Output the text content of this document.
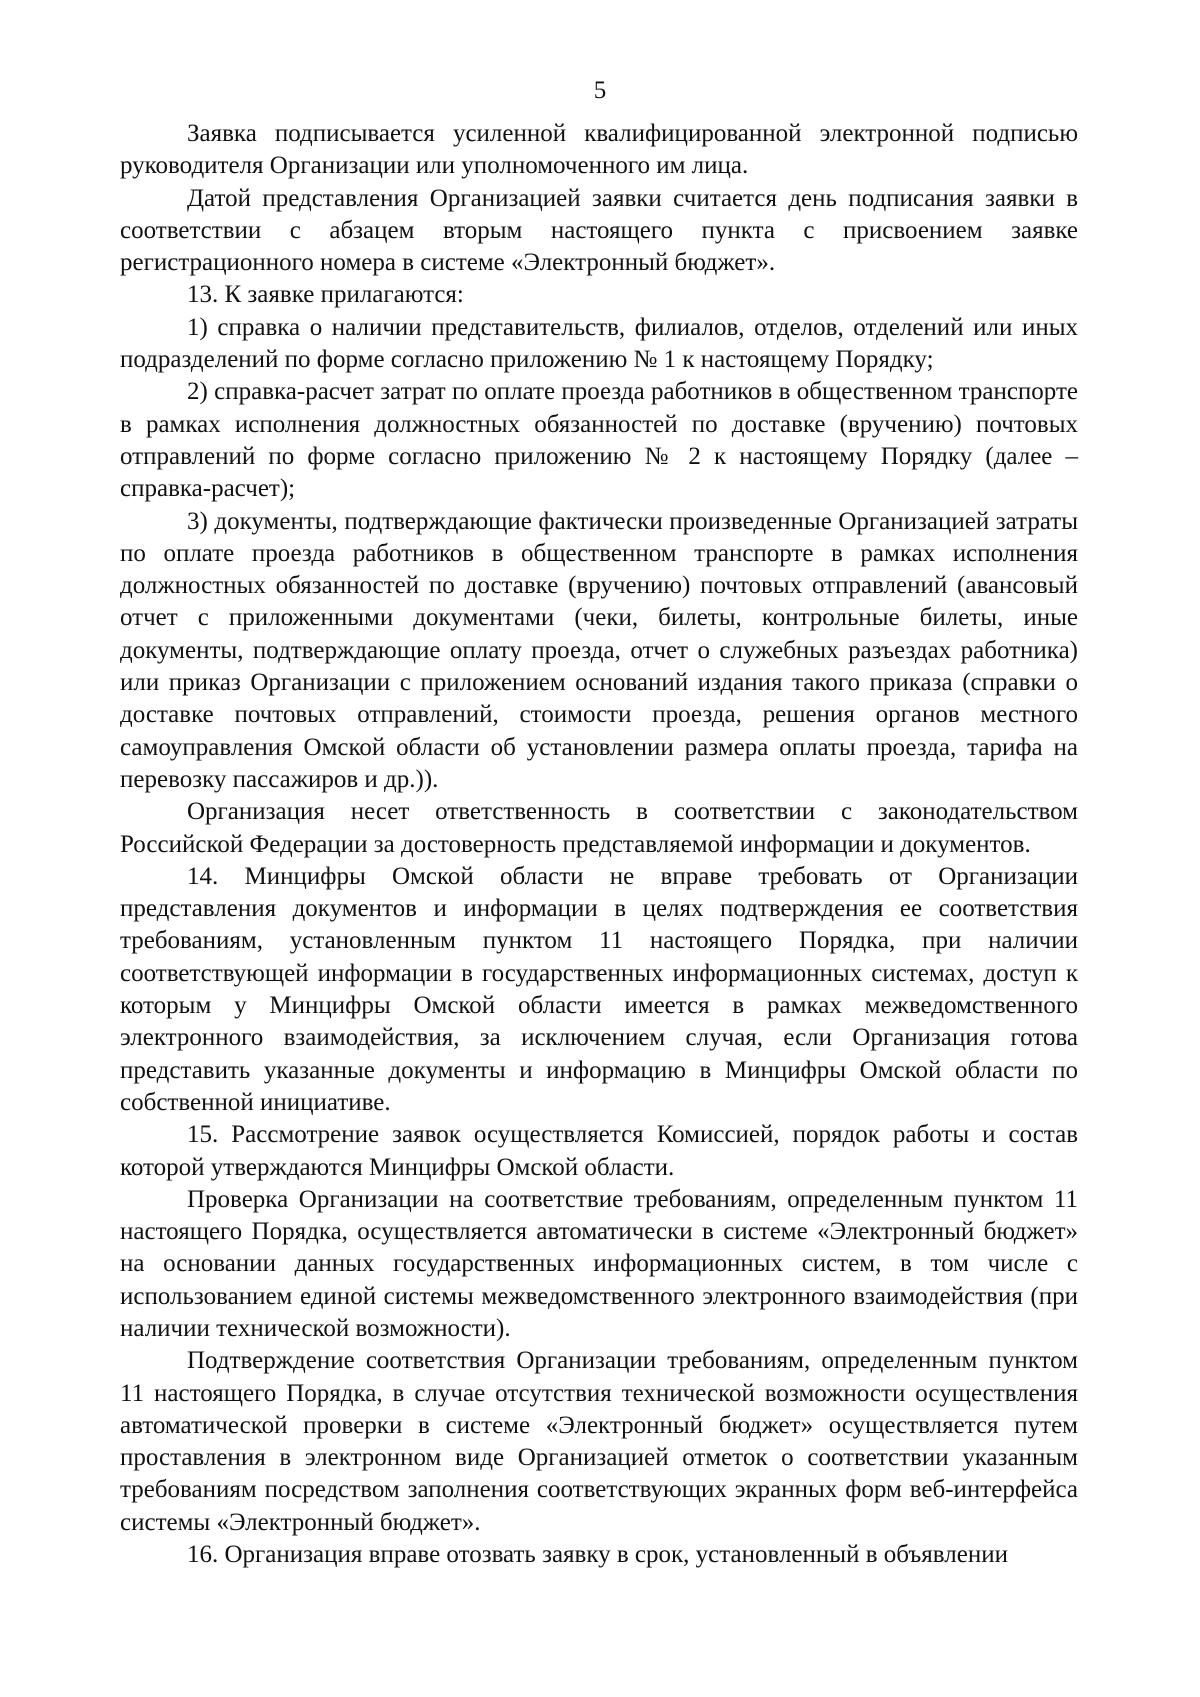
5

Заявка подписывается усиленной квалифицированной электронной подписью руководителя Организации или уполномоченного им лица.

Датой представления Организацией заявки считается день подписания заявки в соответствии с абзацем вторым настоящего пункта с присвоением заявке регистрационного номера в системе «Электронный бюджет».

13. К заявке прилагаются:

1) справка о наличии представительств, филиалов, отделов, отделений или иных подразделений по форме согласно приложению № 1 к настоящему Порядку;

2) справка-расчет затрат по оплате проезда работников в общественном транспорте в рамках исполнения должностных обязанностей по доставке (вручению) почтовых отправлений по форме согласно приложению № 2 к настоящему Порядку (далее – справка-расчет);

3) документы, подтверждающие фактически произведенные Организацией затраты по оплате проезда работников в общественном транспорте в рамках исполнения должностных обязанностей по доставке (вручению) почтовых отправлений (авансовый отчет с приложенными документами (чеки, билеты, контрольные билеты, иные документы, подтверждающие оплату проезда, отчет о служебных разъездах работника) или приказ Организации с приложением оснований издания такого приказа (справки о доставке почтовых отправлений, стоимости проезда, решения органов местного самоуправления Омской области об установлении размера оплаты проезда, тарифа на перевозку пассажиров и др.)).

Организация несет ответственность в соответствии с законодательством Российской Федерации за достоверность представляемой информации и документов.

14. Минцифры Омской области не вправе требовать от Организации представления документов и информации в целях подтверждения ее соответствия требованиям, установленным пунктом 11 настоящего Порядка, при наличии соответствующей информации в государственных информационных системах, доступ к которым у Минцифры Омской области имеется в рамках межведомственного электронного взаимодействия, за исключением случая, если Организация готова представить указанные документы и информацию в Минцифры Омской области по собственной инициативе.

15. Рассмотрение заявок осуществляется Комиссией, порядок работы и состав которой утверждаются Минцифры Омской области.

Проверка Организации на соответствие требованиям, определенным пунктом 11 настоящего Порядка, осуществляется автоматически в системе «Электронный бюджет» на основании данных государственных информационных систем, в том числе с использованием единой системы межведомственного электронного взаимодействия (при наличии технической возможности).

Подтверждение соответствия Организации требованиям, определенным пунктом 11 настоящего Порядка, в случае отсутствия технической возможности осуществления автоматической проверки в системе «Электронный бюджет» осуществляется путем проставления в электронном виде Организацией отметок о соответствии указанным требованиям посредством заполнения соответствующих экранных форм веб-интерфейса системы «Электронный бюджет».

16. Организация вправе отозвать заявку в срок, установленный в объявлении
